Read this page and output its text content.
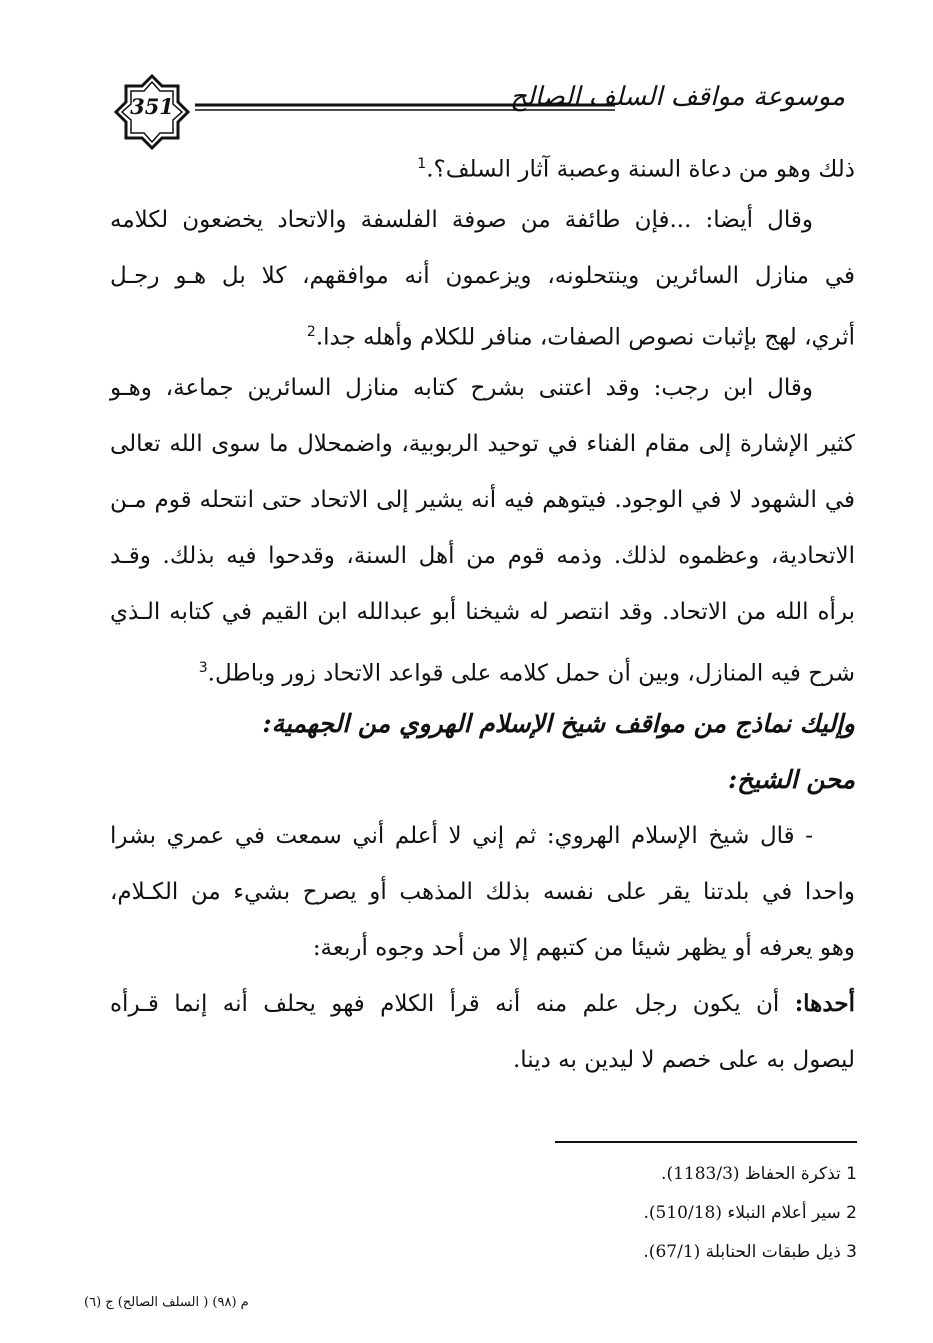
351	موسوعة مواقف السلف الصالح
ذلك وهو من دعاة السنة وعصبة آثار السلف؟.$^1$
وقال أيضا: ...فإن طائفة من صوفة الفلسفة والاتحاد يخضعون لكلامه
في منازل السائرين وينتحلونه، ويزعمون أنه موافقهم، كلا بل هـو رجـل
أثري، لهج بإثبات نصوص الصفات، منافر للكلام وأهله جدا.$^2$
وقال ابن رجب: وقد اعتنى بشرح كتابه منازل السائرين جماعة، وهـو
كثير الإشارة إلى مقام الفناء في توحيد الربوبية، واضمحلال ما سوى الله تعالى
في الشهود لا في الوجود. فيتوهم فيه أنه يشير إلى الاتحاد حتى انتحله قوم مـن
الاتحادية، وعظموه لذلك. وذمه قوم من أهل السنة، وقدحوا فيه بذلك. وقـد
برأه الله من الاتحاد. وقد انتصر له شيخنا أبو عبدالله ابن القيم في كتابه الـذي
شرح فيه المنازل، وبين أن حمل كلامه على قواعد الاتحاد زور وباطل.$^3$
وإليك نماذج من مواقف شيخ الإسلام الهروي من الجهمية:
محن الشيخ:
- قال شيخ الإسلام الهروي: ثم إني لا أعلم أني سمعت في عمري بشرا
واحدا في بلدتنا يقر على نفسه بذلك المذهب أو يصرح بشيء من الكـلام،
وهو يعرفه أو يظهر شيئا من كتبهم إلا من أحد وجوه أربعة:
أحدها: أن يكون رجل علم منه أنه قرأ الكلام فهو يحلف أنه إنما قـرأه
ليصول به على خصم لا ليدين به دينا.
1 تذكرة الحفاظ (1183/3).
2 سير أعلام النبلاء (510/18).
3 ذيل طبقات الحنابلة (67/1).
م (٩٨) ( السلف الصالح) ج (٦)
